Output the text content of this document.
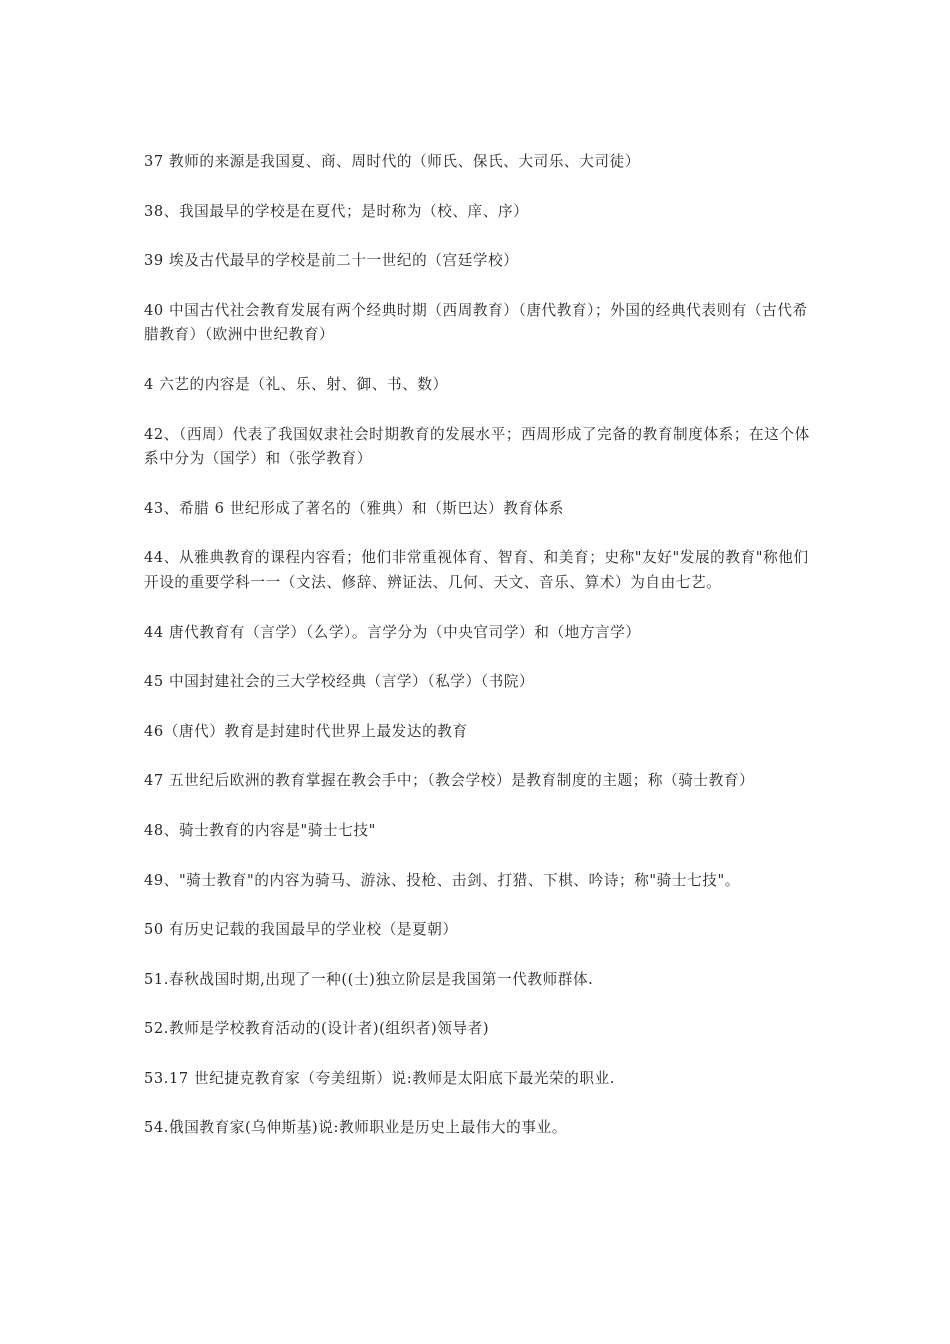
37 教师的来源是我国夏、商、周时代的（师氏、保氏、大司乐、大司徒）

38、我国最早的学校是在夏代；是时称为（校、庠、序）

39 埃及古代最早的学校是前二十一世纪的（宫廷学校）

40 中国古代社会教育发展有两个经典时期（西周教育）（唐代教育）；外国的经典代表则有（古代希腊教育）（欧洲中世纪教育）

4 六艺的内容是（礼、乐、射、御、书、数）

42、（西周）代表了我国奴隶社会时期教育的发展水平；西周形成了完备的教育制度体系；在这个体系中分为（国学）和（张学教育）

43、希腊 6 世纪形成了著名的（雅典）和（斯巴达）教育体系

44、从雅典教育的课程内容看；他们非常重视体育、智育、和美育；史称"友好"发展的教育"称他们开设的重要学科一一（文法、修辞、辨证法、几何、天文、音乐、算术）为自由七艺。

44 唐代教育有（言学）（么学）。言学分为（中央官司学）和（地方言学）

45 中国封建社会的三大学校经典（言学）（私学）（书院）

46（唐代）教育是封建时代世界上最发达的教育

47 五世纪后欧洲的教育掌握在教会手中；（教会学校）是教育制度的主题；称（骑士教育）

48、骑士教育的内容是"骑士七技"

49、"骑士教育"的内容为骑马、游泳、投枪、击剑、打猎、下棋、吟诗；称"骑士七技"。

50 有历史记载的我国最早的学业校（是夏朝）

51.春秋战国时期,出现了一种((士)独立阶层是我国第一代教师群体.

52.教师是学校教育活动的(设计者)(组织者)领导者)

53.17 世纪捷克教育家（夸美纽斯）说:教师是太阳底下最光荣的职业.

54.俄国教育家(乌伸斯基)说:教师职业是历史上最伟大的事业。
